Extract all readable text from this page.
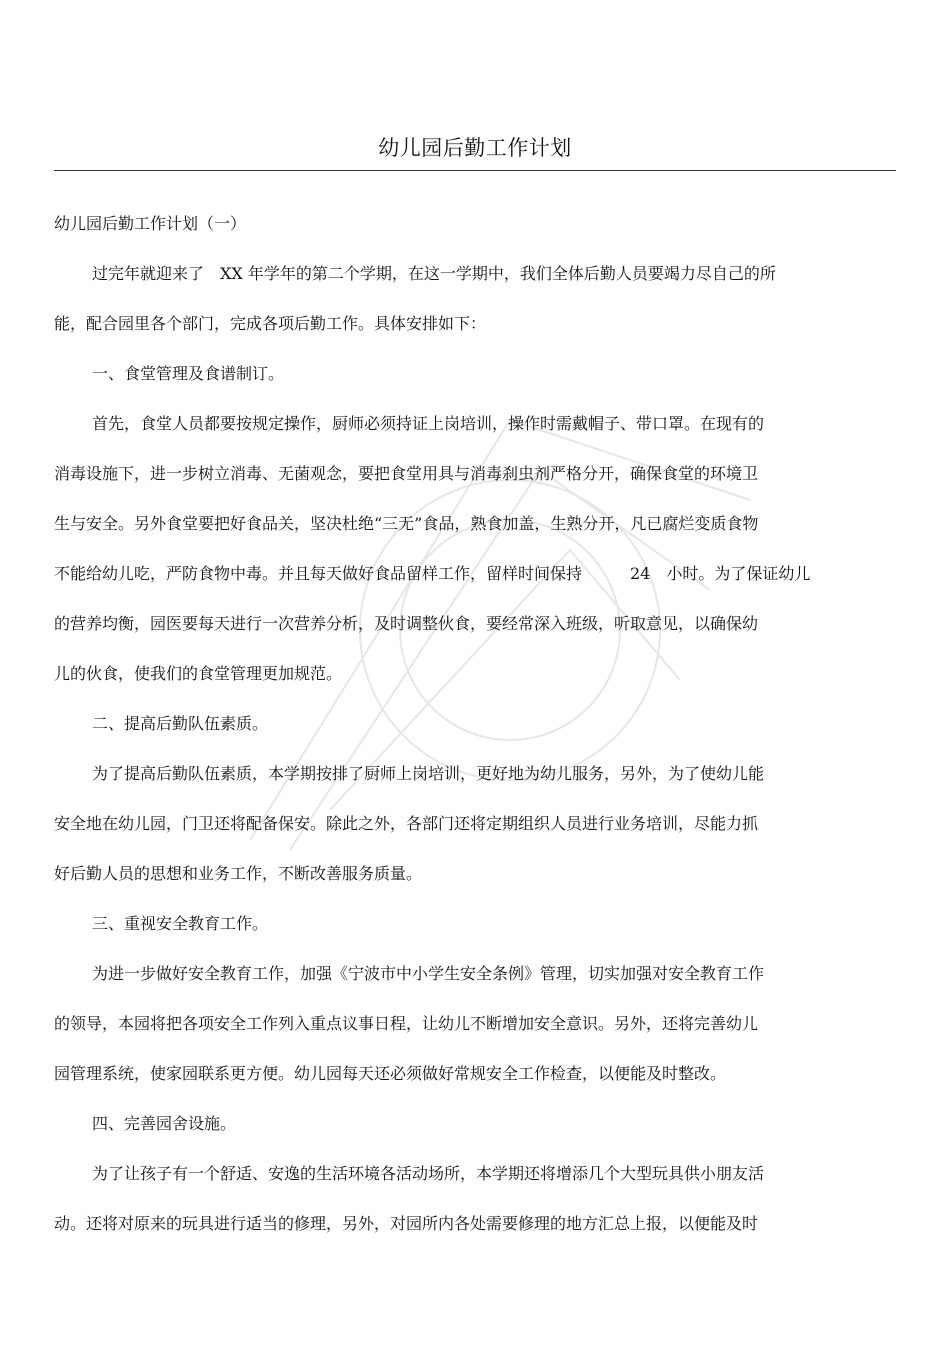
幼儿园后勤工作计划
幼儿园后勤工作计划（一）
过完年就迎来了　XX 年学年的第二个学期，在这一学期中，我们全体后勤人员要竭力尽自己的所
能，配合园里各个部门，完成各项后勤工作。具体安排如下：
一、食堂管理及食谱制订。
首先，食堂人员都要按规定操作，厨师必须持证上岗培训，操作时需戴帽子、带口罩。在现有的
消毒设施下，进一步树立消毒、无菌观念，要把食堂用具与消毒刹虫剂严格分开，确保食堂的环境卫
生与安全。另外食堂要把好食品关，坚决杜绝“三无”食品，熟食加盖，生熟分开，凡已腐烂变质食物
不能给幼儿吃，严防食物中毒。并且每天做好食品留样工作，留样时间保持　　　24　小时。为了保证幼儿
的营养均衡，园医要每天进行一次营养分析，及时调整伙食，要经常深入班级，听取意见，以确保幼
儿的伙食，使我们的食堂管理更加规范。
二、提高后勤队伍素质。
为了提高后勤队伍素质，本学期按排了厨师上岗培训，更好地为幼儿服务，另外，为了使幼儿能
安全地在幼儿园，门卫还将配备保安。除此之外，各部门还将定期组织人员进行业务培训，尽能力抓
好后勤人员的思想和业务工作，不断改善服务质量。
三、重视安全教育工作。
为进一步做好安全教育工作，加强《宁波市中小学生安全条例》管理，切实加强对安全教育工作
的领导，本园将把各项安全工作列入重点议事日程，让幼儿不断增加安全意识。另外，还将完善幼儿
园管理系统，使家园联系更方便。幼儿园每天还必须做好常规安全工作检查，以便能及时整改。
四、完善园舍设施。
为了让孩子有一个舒适、安逸的生活环境各活动场所，本学期还将增添几个大型玩具供小朋友活
动。还将对原来的玩具进行适当的修理，另外，对园所内各处需要修理的地方汇总上报，以便能及时
